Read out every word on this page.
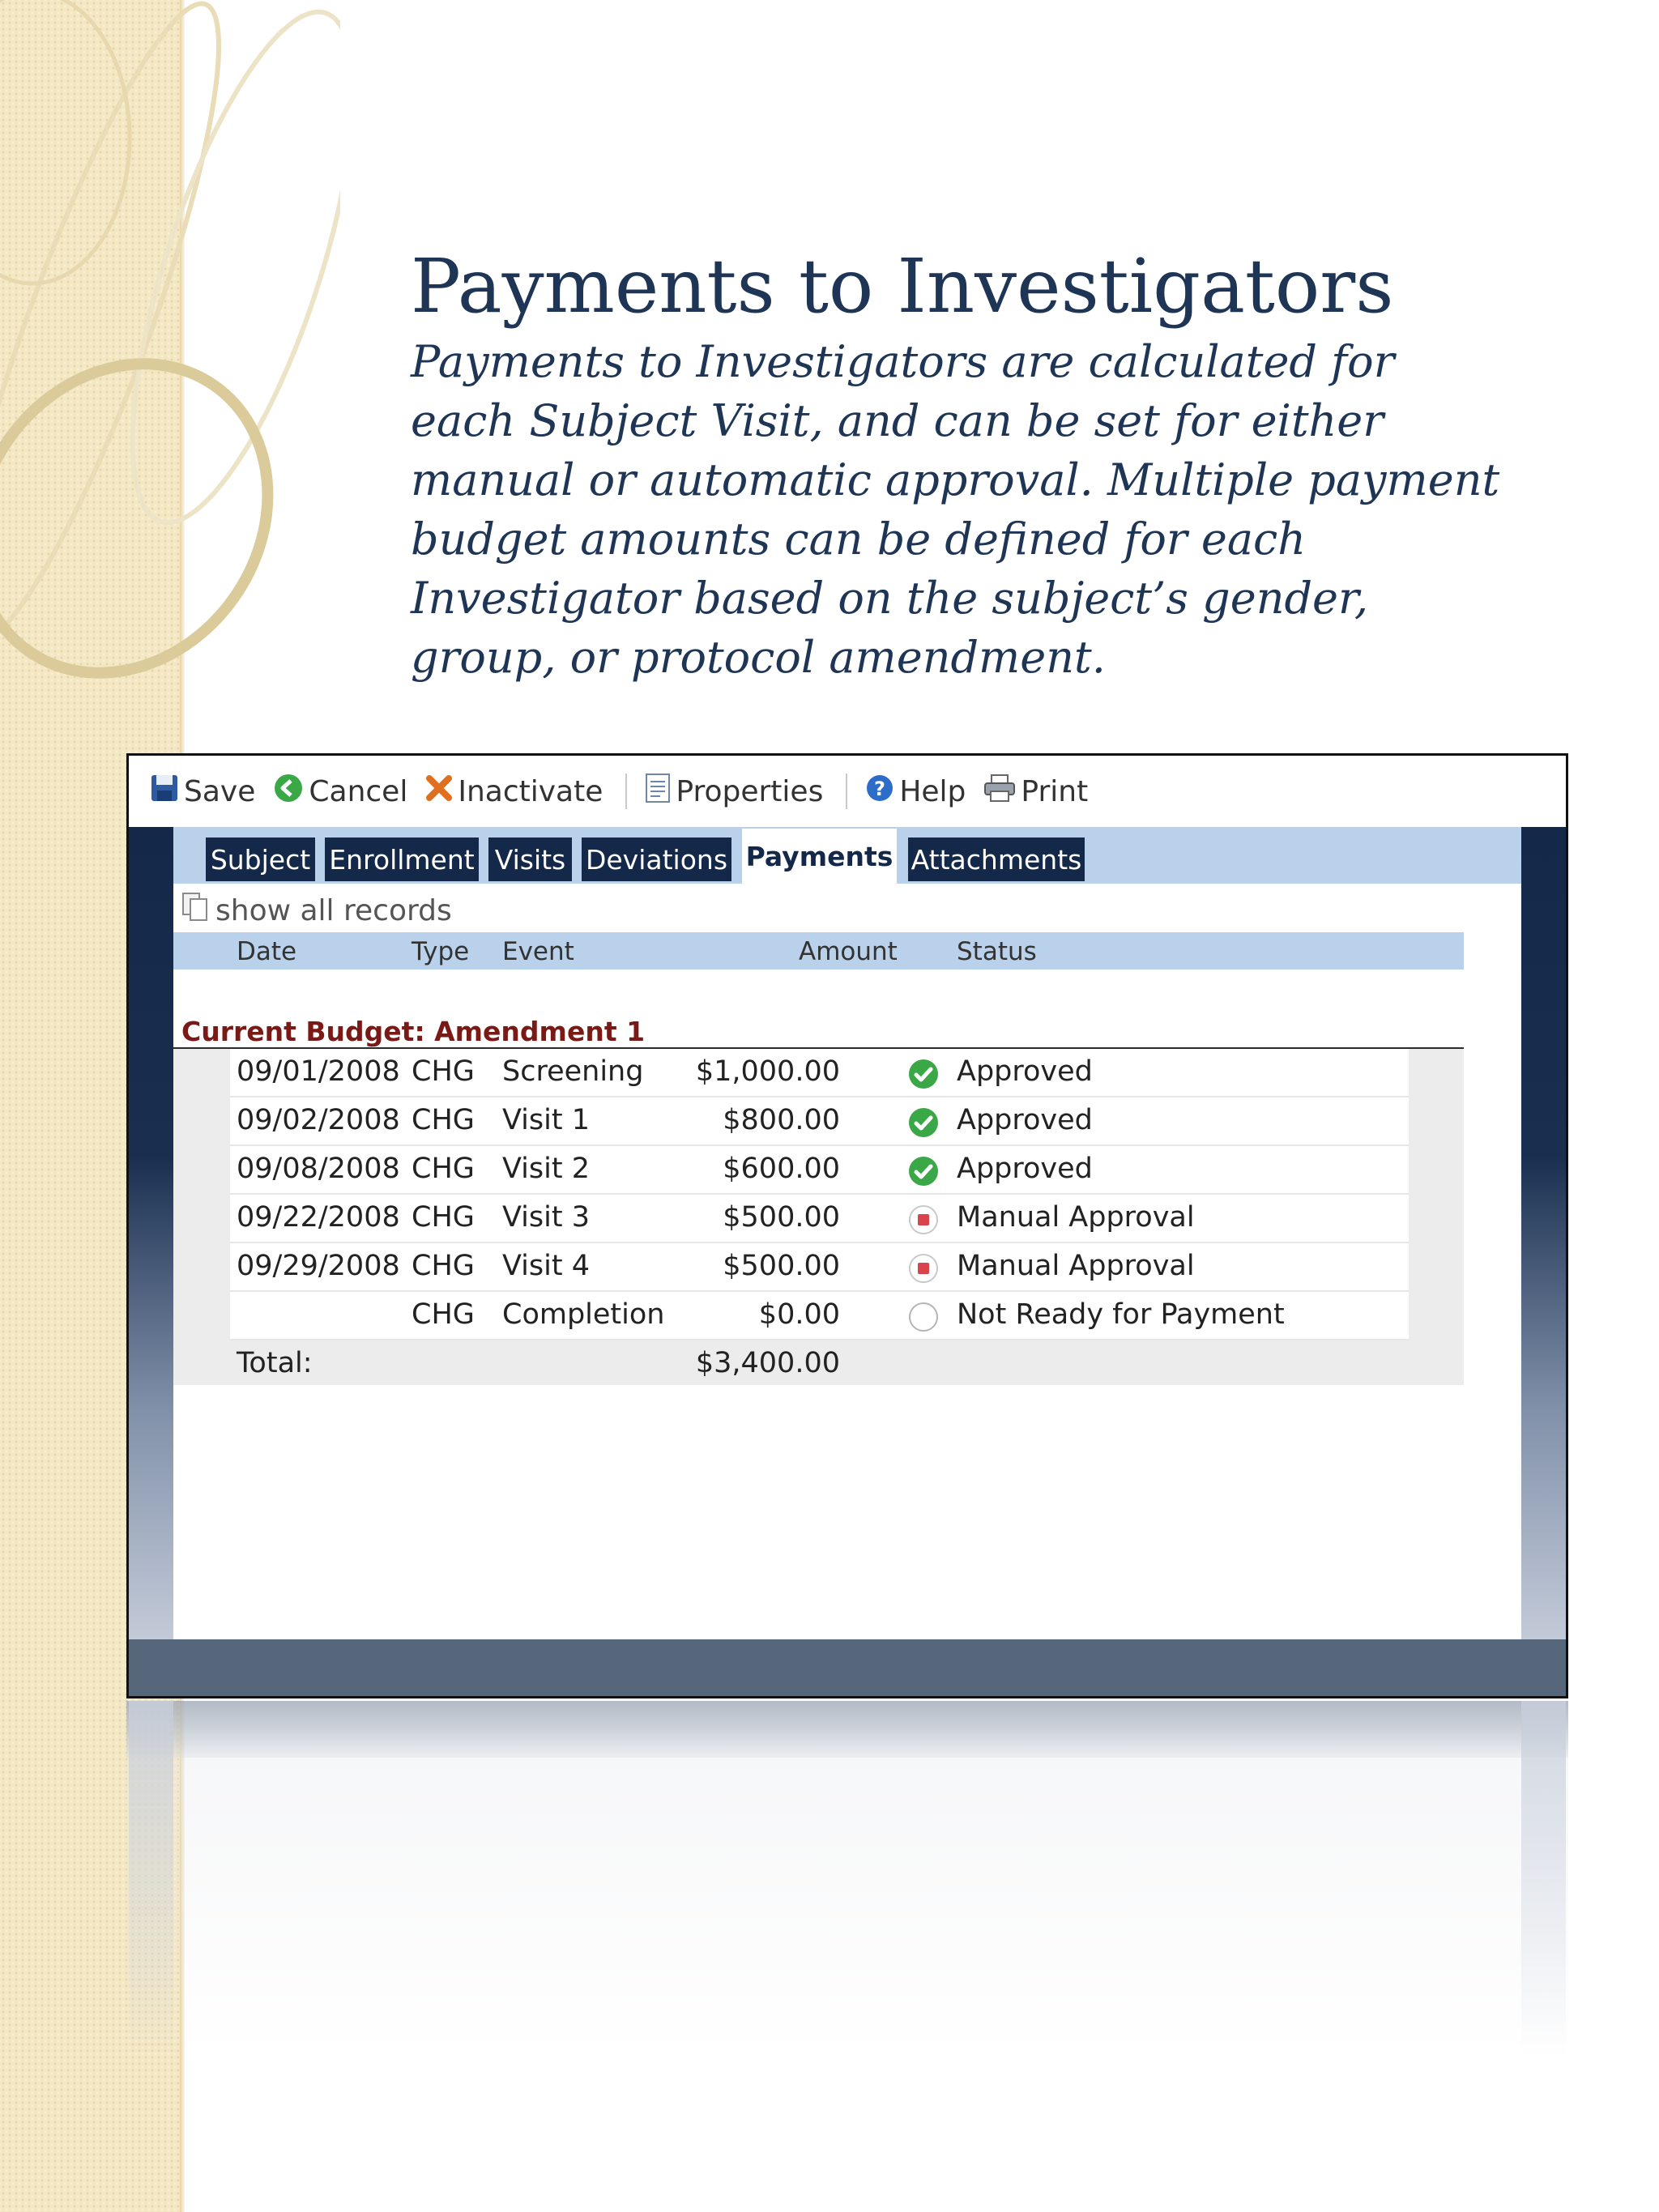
Payments to Investigators

Payments to Investigators are calculated for each Subject Visit, and can be set for either manual or automatic approval. Multiple payment budget amounts can be defined for each Investigator based on the subject’s gender, group, or protocol amendment.

Save Cancel Inactivate	Properties	? Help Print
Subject Enrollment Visits Deviations Payments Attachments
show all records
Date	Type Event	Amount Status
Current Budget: Amendment 1
09/01/2008 CHG Screening $1,000.00	Approved
09/02/2008 CHG Visit 1	$800.00	Approved
09/08/2008 CHG Visit 2	$600.00	Approved
09/22/2008 CHG Visit 3	$500.00	Manual Approval
09/29/2008 CHG Visit 4	$500.00	Manual Approval
CHG Completion	$0.00	Not Ready for Payment
Total:	$3,400.00
